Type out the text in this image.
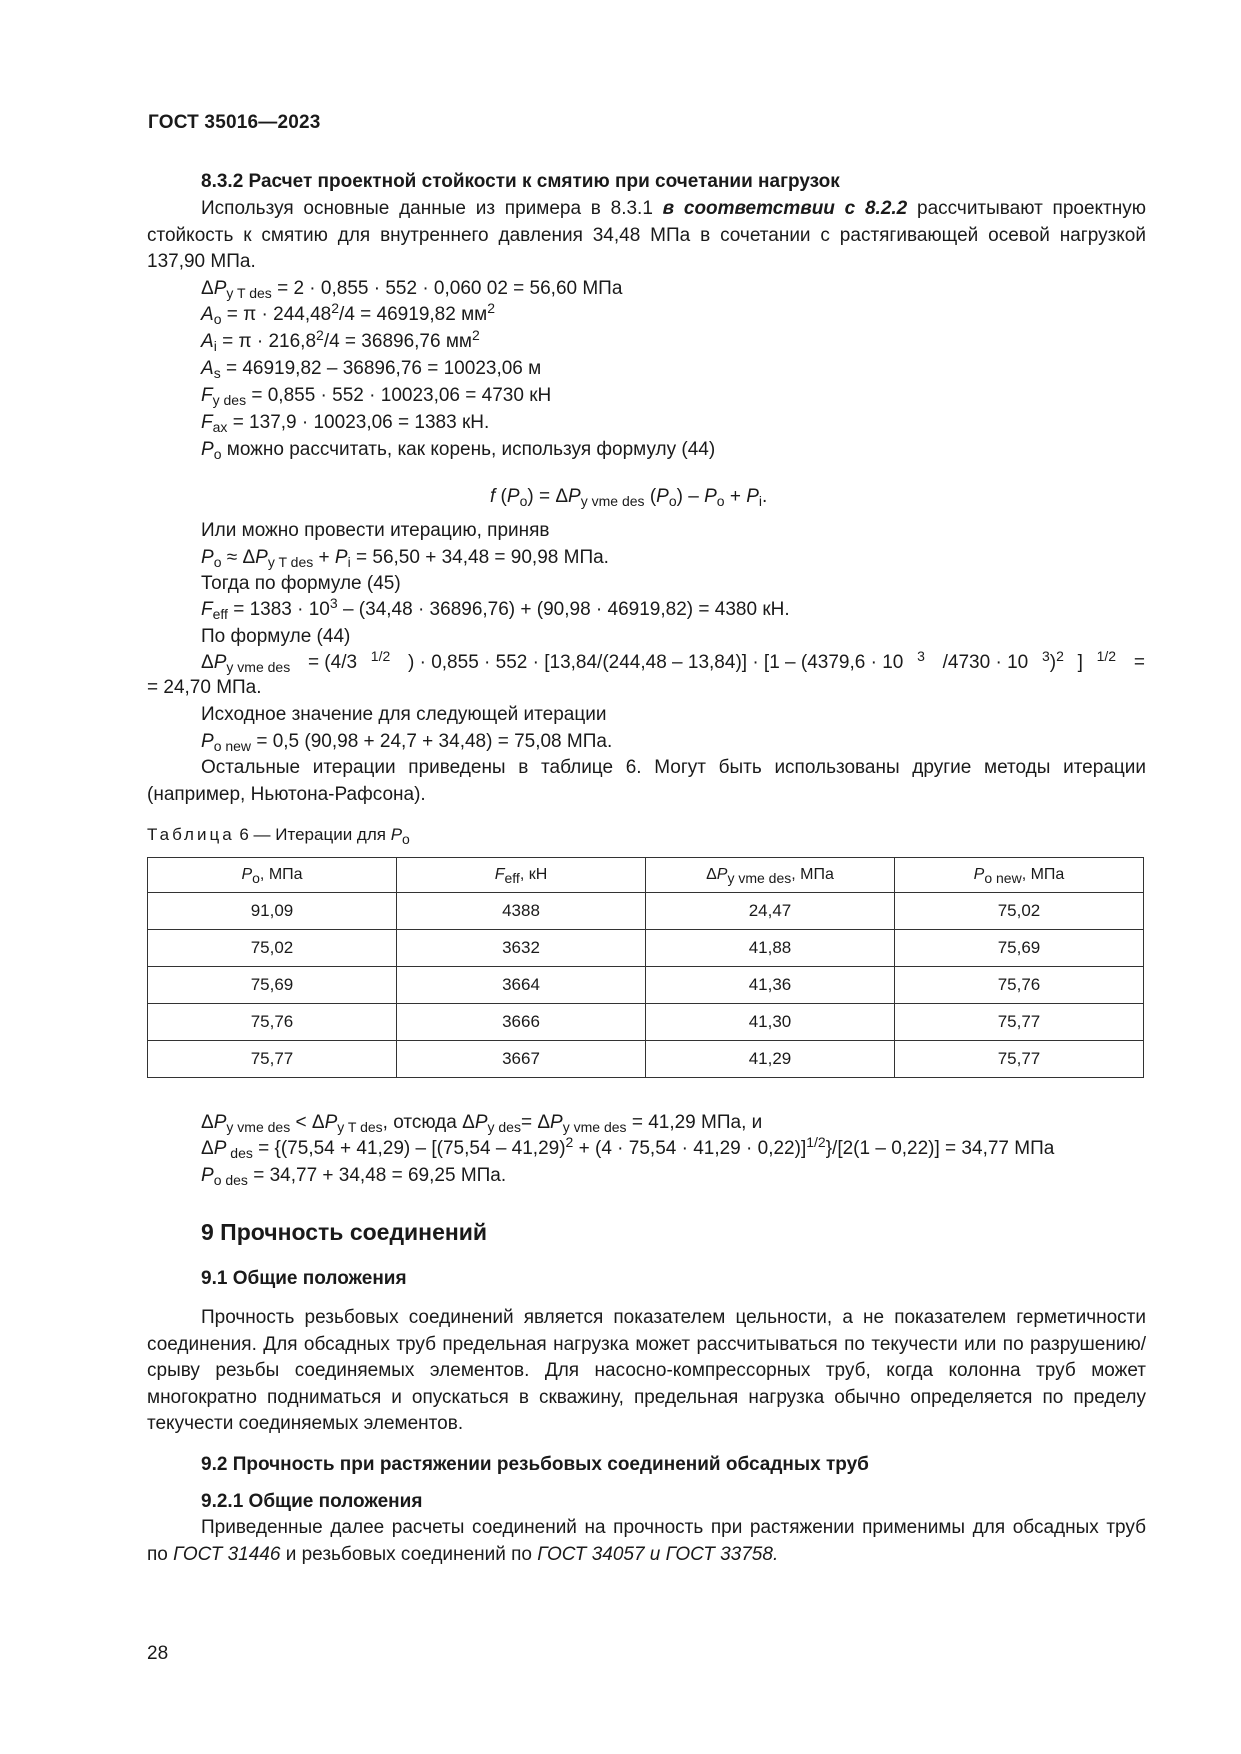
ГОСТ 35016—2023
8.3.2 Расчет проектной стойкости к смятию при сочетании нагрузок

Используя основные данные из примера в 8.3.1 в соответствии с 8.2.2 рассчитывают проектную стойкость к смятию для внутреннего давления 34,48 МПа в сочетании с растягивающей осевой нагрузкой 137,90 МПа.

$\Delta P_{y T des} = 2 \cdot 0,855 \cdot 552 \cdot 0,060$ 02 = 56,60 МПа
$A_o = \pi \cdot 244,48^2/4 = 46919,82$ $мм^2$
$A_i = \pi \cdot 216,8^2/4 = 36896,76$ $мм^2$
$A_s = 46919,82 - 36896,76 = 10023,06$ м
$F_{y des} = 0,855 \cdot 552 \cdot 10023,06 = 4730$ кН
$F_{ax} = 137,9 \cdot 10023,06 = 1383$ кН.
$P_o$ можно рассчитать, как корень, используя формулу (44)
f $(P_o) = \Delta P_{y vme des}$ $(P_o) - P_o + P_i$.
Или можно провести итерацию, приняв
$P_o \approx \Delta P_{y T des} + P_i = 56,50 + 34,48 = 90,98$ МПа.
Тогда по формуле (45)
$F_{eff} = 1383 \cdot 10^3 - (34,48 \cdot 36896,76) + (90,98 \cdot 46919,82) = 4380$ кН.
По формуле (44)
$\Delta P_{y vme des} = (4/3$ $^{1/2}$ ) · 0,855 · 552 · [13,84/(244,48 – 13,84)] · [1 – (4379,6 · 10 $^3$ /4730 · 10 $^3$)$^2$ ] $^{1/2}$ =
= 24,70 МПа.
Исходное значение для следующей итерации
$P_{o new} = 0,5$ (90,98 + 24,7 + 34,48) = 75,08 МПа.

Остальные итерации приведены в таблице 6. Могут быть использованы другие методы итерации (например, Ньютона-Рафсона).

Таблица 6 — Итерации для $P_o$
$P_o$, МПа	$F_{eff}$, кН	$\Delta P_{y vme des}$, МПа	$P_{o new}$, МПа
91,09	4388	24,47	75,02
75,02	3632	41,88	75,69
75,69	3664	41,36	75,76
75,76	3666	41,30	75,77
75,77	3667	41,29	75,77
$\Delta P_{y vme des} < \Delta P_{y T des}$, отсюда $\Delta P_{y des}= \Delta P_{y vme des} = 41,29$ МПа, и
ΔP $_{des} = \{(75,54 + 41,29) - [(75,54 - 41,29)^2 + (4 \cdot 75,54 \cdot 41,29 \cdot 0,22)]^{1/2}\}/[2(1 - 0,22)] = 34,77$ МПа
$P_{o des} = 34,77 + 34,48 = 69,25$ МПа.
9 Прочность соединений
9.1 Общие положения

Прочность резьбовых соединений является показателем цельности, а не показателем герметичности соединения. Для обсадных труб предельная нагрузка может рассчитываться по текучести или по разрушению/срыву резьбы соединяемых элементов. Для насосно-компрессорных труб, когда колонна труб может многократно подниматься и опускаться в скважину, предельная нагрузка обычно определяется по пределу текучести соединяемых элементов.

9.2 Прочность при растяжении резьбовых соединений обсадных труб
9.2.1 Общие положения

Приведенные далее расчеты соединений на прочность при растяжении применимы для обсадных труб по ГОСТ 31446 и резьбовых соединений по ГОСТ 34057 и ГОСТ 33758.

28
